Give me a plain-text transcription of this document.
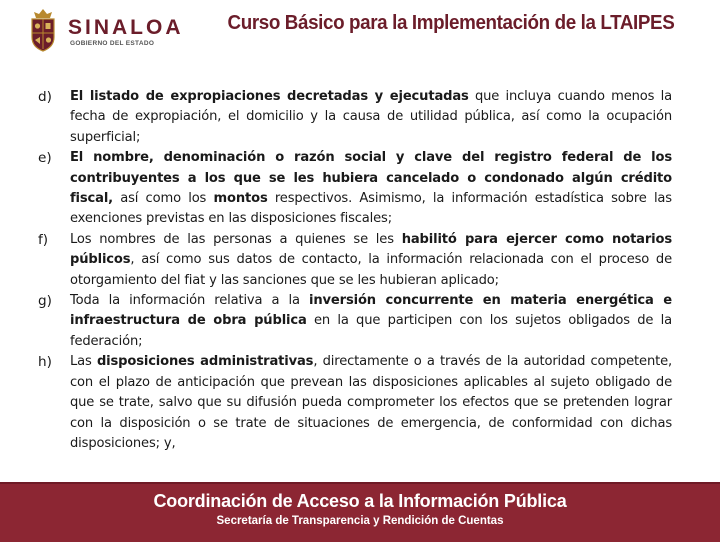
SINALOA
GOBIERNO DEL ESTADO
Curso Básico para la Implementación de la LTAIPES
d)	El listado de expropiaciones decretadas y ejecutadas que incluya cuando menos la fecha de expropiación, el domicilio y la causa de utilidad pública, así como la ocupación superficial;
e)	El nombre, denominación o razón social y clave del registro federal de los contribuyentes a los que se les hubiera cancelado o condonado algún crédito fiscal, así como los montos respectivos. Asimismo, la información estadística sobre las exenciones previstas en las disposiciones fiscales;
f)	Los nombres de las personas a quienes se les habilitó para ejercer como notarios públicos, así como sus datos de contacto, la información relacionada con el proceso de otorgamiento del fiat y las sanciones que se les hubieran aplicado;
g)	Toda la información relativa a la inversión concurrente en materia energética e infraestructura de obra pública en la que participen con los sujetos obligados de la federación;
h)	Las disposiciones administrativas, directamente o a través de la autoridad competente, con el plazo de anticipación que prevean las disposiciones aplicables al sujeto obligado de que se trate, salvo que su difusión pueda comprometer los efectos que se pretenden lograr con la disposición o se trate de situaciones de emergencia, de conformidad con dichas disposiciones; y,
Coordinación de Acceso a la Información Pública
Secretaría de Transparencia y Rendición de Cuentas
